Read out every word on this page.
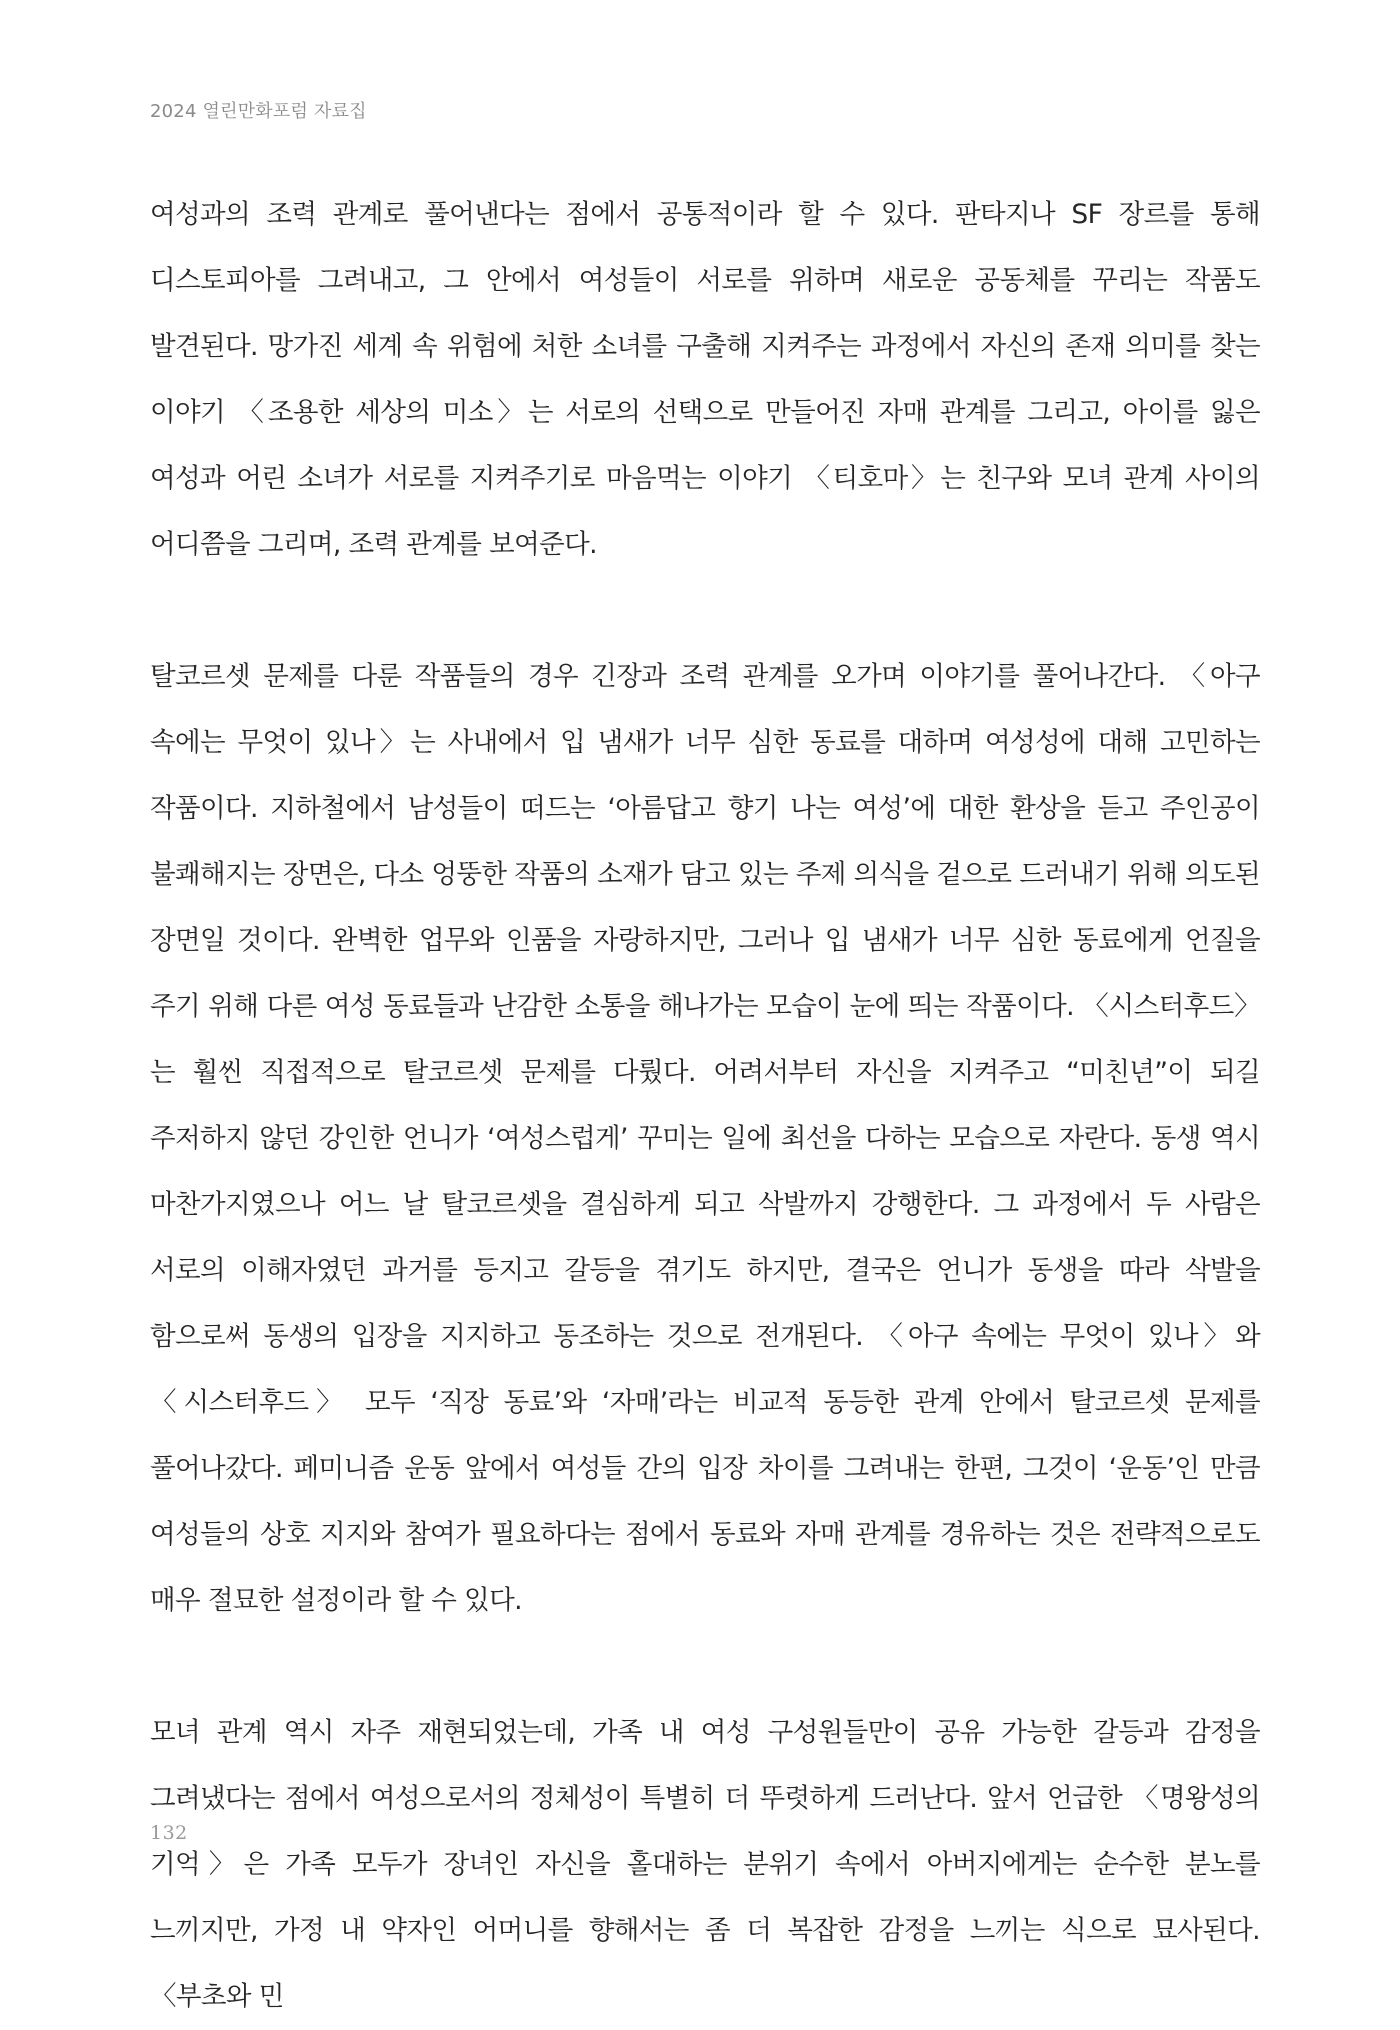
2024 열린만화포럼 자료집

여성과의 조력 관계로 풀어낸다는 점에서 공통적이라 할 수 있다. 판타지나 SF 장르를 통해 디스토피아를 그려내고, 그 안에서 여성들이 서로를 위하며 새로운 공동체를 꾸리는 작품도 발견된다. 망가진 세계 속 위험에 처한 소녀를 구출해 지켜주는 과정에서 자신의 존재 의미를 찾는 이야기 〈조용한 세상의 미소〉는 서로의 선택으로 만들어진 자매 관계를 그리고, 아이를 잃은 여성과 어린 소녀가 서로를 지켜주기로 마음먹는 이야기 〈티호마〉는 친구와 모녀 관계 사이의 어디쯤을 그리며, 조력 관계를 보여준다.

탈코르셋 문제를 다룬 작품들의 경우 긴장과 조력 관계를 오가며 이야기를 풀어나간다. 〈아구 속에는 무엇이 있나〉는 사내에서 입 냄새가 너무 심한 동료를 대하며 여성성에 대해 고민하는 작품이다. 지하철에서 남성들이 떠드는 ‘아름답고 향기 나는 여성’에 대한 환상을 듣고 주인공이 불쾌해지는 장면은, 다소 엉뚱한 작품의 소재가 담고 있는 주제 의식을 겉으로 드러내기 위해 의도된 장면일 것이다. 완벽한 업무와 인품을 자랑하지만, 그러나 입 냄새가 너무 심한 동료에게 언질을 주기 위해 다른 여성 동료들과 난감한 소통을 해나가는 모습이 눈에 띄는 작품이다. 〈시스터후드〉는 훨씬 직접적으로 탈코르셋 문제를 다뤘다. 어려서부터 자신을 지켜주고 “미친년”이 되길 주저하지 않던 강인한 언니가 ‘여성스럽게’ 꾸미는 일에 최선을 다하는 모습으로 자란다. 동생 역시 마찬가지였으나 어느 날 탈코르셋을 결심하게 되고 삭발까지 강행한다. 그 과정에서 두 사람은 서로의 이해자였던 과거를 등지고 갈등을 겪기도 하지만, 결국은 언니가 동생을 따라 삭발을 함으로써 동생의 입장을 지지하고 동조하는 것으로 전개된다. 〈아구 속에는 무엇이 있나〉와 〈시스터후드〉 모두 ‘직장 동료’와 ‘자매’라는 비교적 동등한 관계 안에서 탈코르셋 문제를 풀어나갔다. 페미니즘 운동 앞에서 여성들 간의 입장 차이를 그려내는 한편, 그것이 ‘운동’인 만큼 여성들의 상호 지지와 참여가 필요하다는 점에서 동료와 자매 관계를 경유하는 것은 전략적으로도 매우 절묘한 설정이라 할 수 있다.

모녀 관계 역시 자주 재현되었는데, 가족 내 여성 구성원들만이 공유 가능한 갈등과 감정을 그려냈다는 점에서 여성으로서의 정체성이 특별히 더 뚜렷하게 드러난다. 앞서 언급한 〈명왕성의 기억〉은 가족 모두가 장녀인 자신을 홀대하는 분위기 속에서 아버지에게는 순수한 분노를 느끼지만, 가정 내 약자인 어머니를 향해서는 좀 더 복잡한 감정을 느끼는 식으로 묘사된다. 〈부초와 민

132
